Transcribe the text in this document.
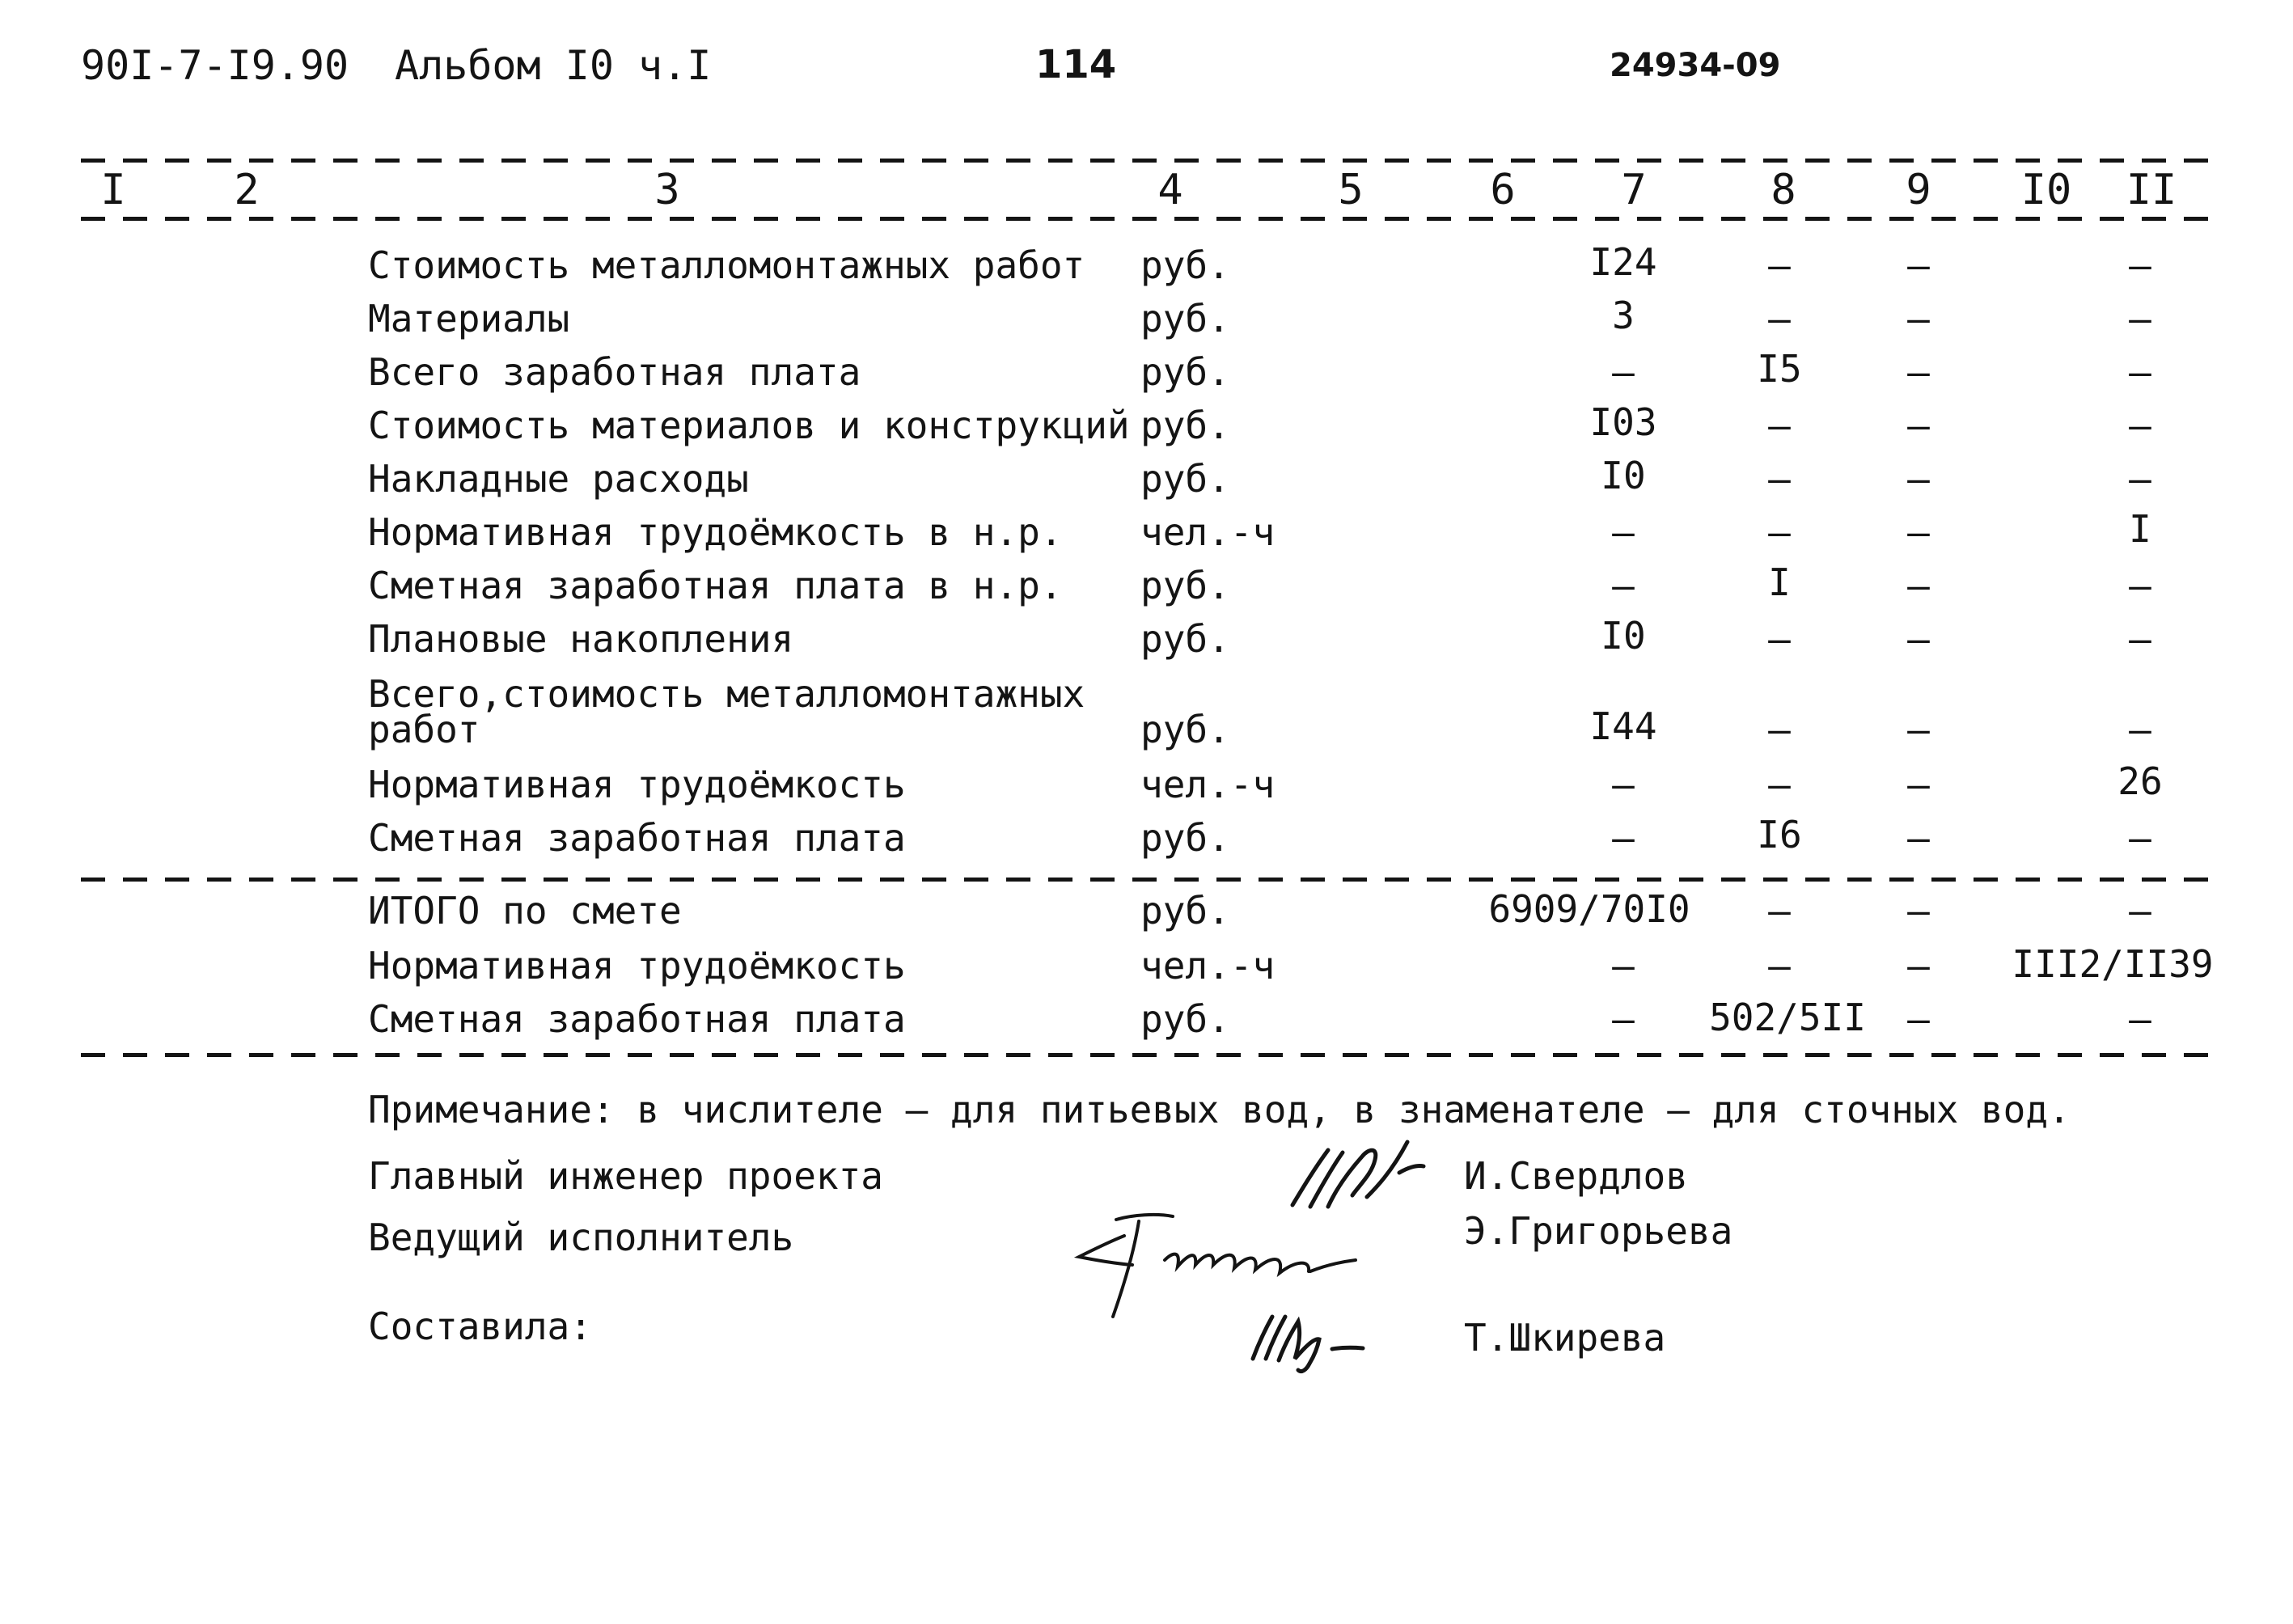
90I-7-I9.90 Альбом I0 ч.I	114	24934-09
I	2	3	4	5	6	7	8	9 I0 II
Стоимость металломонтажных работ руб.	I24	–	–	–
Материалы	руб.	3	–	–	–
Всего заработная плата	руб.	–	I5	–	–
Стоимость материалов и конструкций руб.	I03	–	–	–
Накладные расходы	руб.	I0	–	–	–
Нормативная трудоёмкость в н.р. чел.-ч	–	–	–	I
Сметная заработная плата в н.р. руб.	–	I	–	–
Плановые накопления	руб.	I0	–	–	–
Всего,стоимость металломонтажных
работ	руб.	I44	–	–	–
Нормативная трудоёмкость	чел.-ч	–	–	–	26
Сметная заработная плата	руб.	–	I6	–	–
ИТОГО по смете	руб.	6909/70I0 –	–	–
Нормативная трудоёмкость	чел.-ч	–	–	– III2/II39
Сметная заработная плата	руб.	– 502/5II –	–
Примечание: в числителе – для питьевых вод, в знаменателе – для сточных вод.
Главный инженер проекта	И.Свердлов
Ведущий исполнитель	Э.Григорьева
Составила:	Т.Шкирева
